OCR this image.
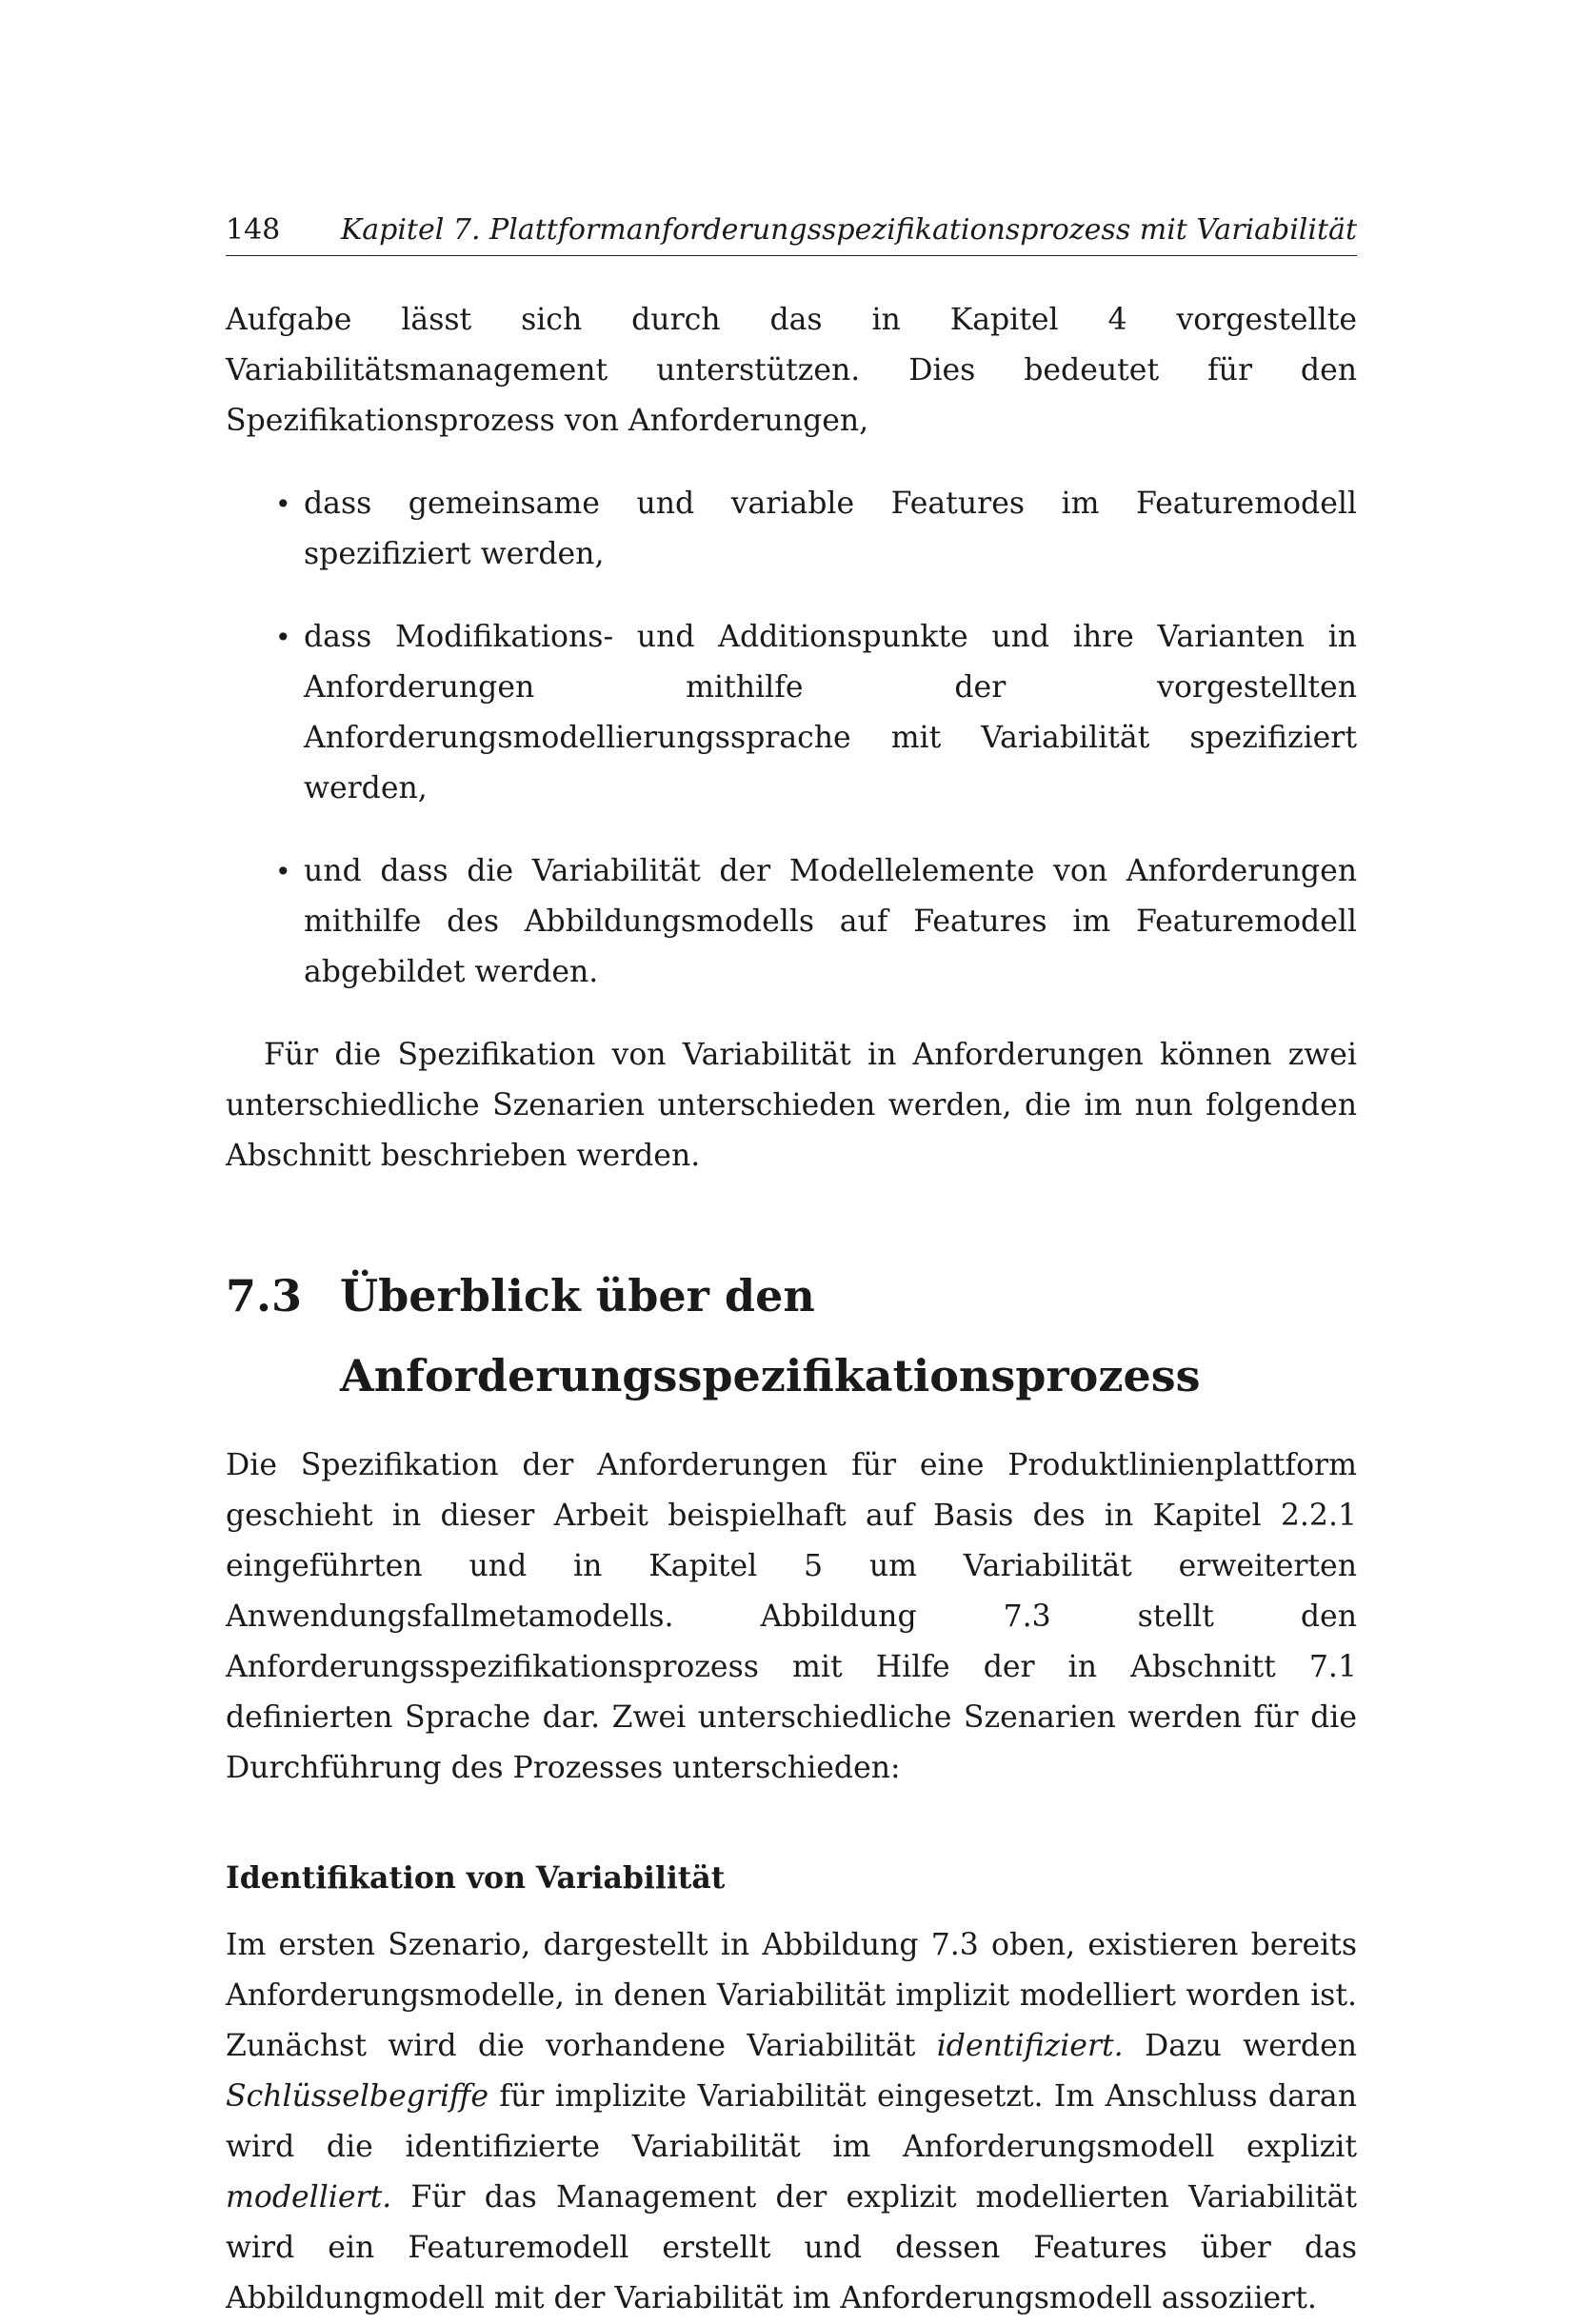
148 Kapitel 7. Plattformanforderungsspezifikationsprozess mit Variabilität

Aufgabe lässt sich durch das in Kapitel 4 vorgestellte Variabilitätsmanagement unterstützen. Dies bedeutet für den Spezifikationsprozess von Anforderungen,

• dass gemeinsame und variable Features im Featuremodell spezifiziert werden,
• dass Modifikations- und Additionspunkte und ihre Varianten in Anforderungen mithilfe der vorgestellten Anforderungsmodellierungssprache mit Variabilität spezifiziert werden,
• und dass die Variabilität der Modellelemente von Anforderungen mithilfe des Abbildungsmodells auf Features im Featuremodell abgebildet werden.

Für die Spezifikation von Variabilität in Anforderungen können zwei unterschiedliche Szenarien unterschieden werden, die im nun folgenden Abschnitt beschrieben werden.

7.3 Überblick über den Anforderungsspezifikationsprozess

Die Spezifikation der Anforderungen für eine Produktlinienplattform geschieht in dieser Arbeit beispielhaft auf Basis des in Kapitel 2.2.1 eingeführten und in Kapitel 5 um Variabilität erweiterten Anwendungsfallmetamodells. Abbildung 7.3 stellt den Anforderungsspezifikationsprozess mit Hilfe der in Abschnitt 7.1 definierten Sprache dar. Zwei unterschiedliche Szenarien werden für die Durchführung des Prozesses unterschieden:

Identifikation von Variabilität

Im ersten Szenario, dargestellt in Abbildung 7.3 oben, existieren bereits Anforderungsmodelle, in denen Variabilität implizit modelliert worden ist. Zunächst wird die vorhandene Variabilität identifiziert. Dazu werden Schlüsselbegriffe für implizite Variabilität eingesetzt. Im Anschluss daran wird die identifizierte Variabilität im Anforderungsmodell explizit modelliert. Für das Management der explizit modellierten Variabilität wird ein Featuremodell erstellt und dessen Features über das Abbildungmodell mit der Variabilität im Anforderungsmodell assoziiert.
